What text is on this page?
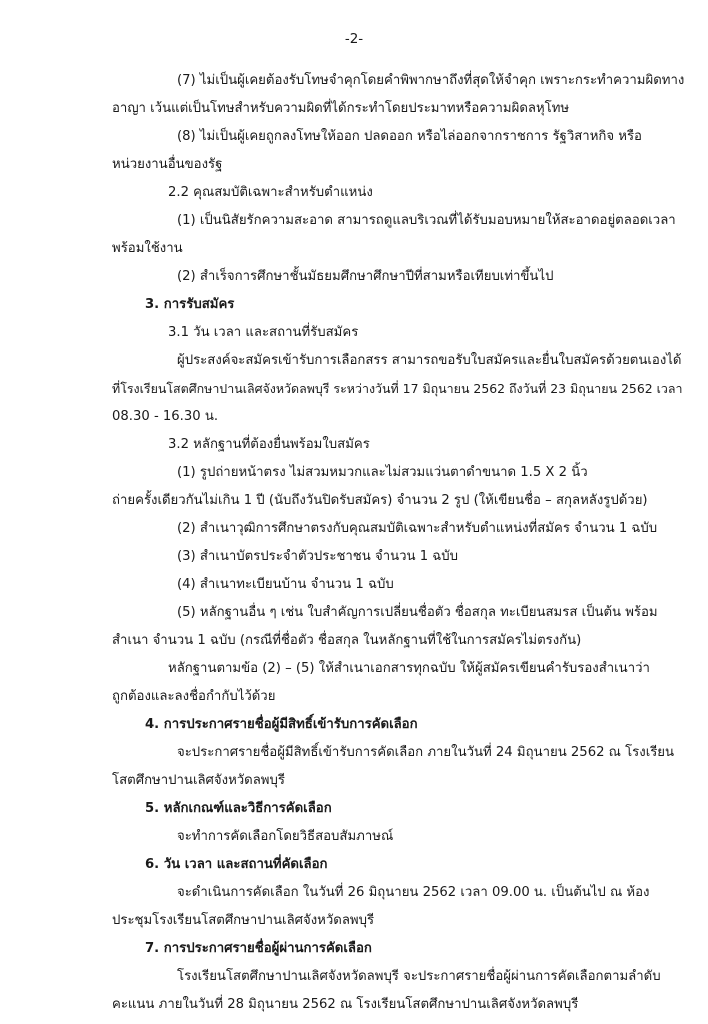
-2-
(7) ไม่เป็นผู้เคยต้องรับโทษจำคุกโดยคำพิพากษาถึงที่สุดให้จำคุก เพราะกระทำความผิดทาง
อาญา เว้นแต่เป็นโทษสำหรับความผิดที่ได้กระทำโดยประมาทหรือความผิดลหุโทษ
(8) ไม่เป็นผู้เคยถูกลงโทษให้ออก ปลดออก หรือไล่ออกจากราชการ รัฐวิสาหกิจ หรือ
หน่วยงานอื่นของรัฐ
2.2 คุณสมบัติเฉพาะสำหรับตำแหน่ง
(1) เป็นนิสัยรักความสะอาด สามารถดูแลบริเวณที่ได้รับมอบหมายให้สะอาดอยู่ตลอดเวลา
พร้อมใช้งาน
(2) สำเร็จการศึกษาชั้นมัธยมศึกษาศึกษาปีที่สามหรือเทียบเท่าขึ้นไป
3. การรับสมัคร
3.1 วัน เวลา และสถานที่รับสมัคร
ผู้ประสงค์จะสมัครเข้ารับการเลือกสรร สามารถขอรับใบสมัครและยื่นใบสมัครด้วยตนเองได้
ที่โรงเรียนโสตศึกษาปานเลิศจังหวัดลพบุรี ระหว่างวันที่ 17 มิถุนายน 2562 ถึงวันที่ 23 มิถุนายน 2562 เวลา
08.30 - 16.30 น.
3.2 หลักฐานที่ต้องยื่นพร้อมใบสมัคร
(1) รูปถ่ายหน้าตรง ไม่สวมหมวกและไม่สวมแว่นตาดำขนาด 1.5 X 2 นิ้ว
ถ่ายครั้งเดียวกันไม่เกิน 1 ปี (นับถึงวันปิดรับสมัคร) จำนวน 2 รูป (ให้เขียนชื่อ – สกุลหลังรูปด้วย)
(2) สำเนาวุฒิการศึกษาตรงกับคุณสมบัติเฉพาะสำหรับตำแหน่งที่สมัคร จำนวน 1 ฉบับ
(3) สำเนาบัตรประจำตัวประชาชน จำนวน 1 ฉบับ
(4) สำเนาทะเบียนบ้าน จำนวน 1 ฉบับ
(5) หลักฐานอื่น ๆ เช่น ใบสำคัญการเปลี่ยนชื่อตัว ชื่อสกุล ทะเบียนสมรส เป็นต้น พร้อม
สำเนา จำนวน 1 ฉบับ (กรณีที่ชื่อตัว ชื่อสกุล ในหลักฐานที่ใช้ในการสมัครไม่ตรงกัน)
หลักฐานตามข้อ (2) – (5) ให้สำเนาเอกสารทุกฉบับ ให้ผู้สมัครเขียนคำรับรองสำเนาว่า
ถูกต้องและลงชื่อกำกับไว้ด้วย
4. การประกาศรายชื่อผู้มีสิทธิ์เข้ารับการคัดเลือก
จะประกาศรายชื่อผู้มีสิทธิ์เข้ารับการคัดเลือก ภายในวันที่ 24 มิถุนายน 2562 ณ โรงเรียน
โสตศึกษาปานเลิศจังหวัดลพบุรี
5. หลักเกณฑ์และวิธีการคัดเลือก
จะทำการคัดเลือกโดยวิธีสอบสัมภาษณ์
6. วัน เวลา และสถานที่คัดเลือก
จะดำเนินการคัดเลือก ในวันที่ 26 มิถุนายน 2562 เวลา 09.00 น. เป็นต้นไป ณ ห้อง
ประชุมโรงเรียนโสตศึกษาปานเลิศจังหวัดลพบุรี
7. การประกาศรายชื่อผู้ผ่านการคัดเลือก
โรงเรียนโสตศึกษาปานเลิศจังหวัดลพบุรี จะประกาศรายชื่อผู้ผ่านการคัดเลือกตามลำดับ
คะแนน ภายในวันที่ 28 มิถุนายน 2562 ณ โรงเรียนโสตศึกษาปานเลิศจังหวัดลพบุรี
